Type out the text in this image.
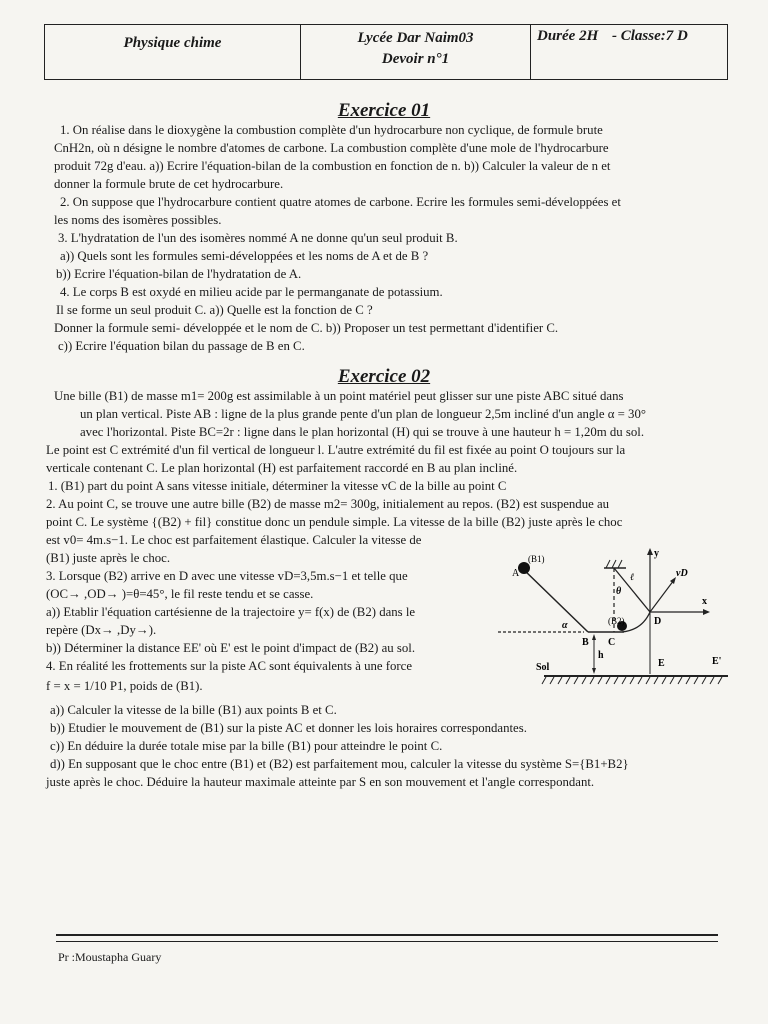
Physique chime	Lycée Dar Naim03
Devoir n°1
Durée 2H - Classe:7 D
Exercice 01
1. On réalise dans le dioxygène la combustion complète d'un hydrocarbure non cyclique, de formule brute
CnH2n, où n désigne le nombre d'atomes de carbone. La combustion complète d'une mole de l'hydrocarbure
produit 72g d'eau. a)) Ecrire l'équation-bilan de la combustion en fonction de n. b)) Calculer la valeur de n et
donner la formule brute de cet hydrocarbure.
2. On suppose que l'hydrocarbure contient quatre atomes de carbone. Ecrire les formules semi-développées et
les noms des isomères possibles.
3. L'hydratation de l'un des isomères nommé A ne donne qu'un seul produit B.
a)) Quels sont les formules semi-développées et les noms de A et de B ?
b)) Ecrire l'équation-bilan de l'hydratation de A.
4. Le corps B est oxydé en milieu acide par le permanganate de potassium.
Il se forme un seul produit C. a)) Quelle est la fonction de C ?
Donner la formule semi- développée et le nom de C. b)) Proposer un test permettant d'identifier C.
c)) Ecrire l'équation bilan du passage de B en C.
Exercice 02
Une bille (B1) de masse m1= 200g est assimilable à un point matériel peut glisser sur une piste ABC situé dans
un plan vertical. Piste AB : ligne de la plus grande pente d'un plan de longueur 2,5m incliné d'un angle α = 30°
avec l'horizontal. Piste BC=2r : ligne dans le plan horizontal (H) qui se trouve à une hauteur h = 1,20m du sol.
Le point est C extrémité d'un fil vertical de longueur l. L'autre extrémité du fil est fixée au point O toujours sur la
verticale contenant C. Le plan horizontal (H) est parfaitement raccordé en B au plan incliné.
1. (B1) part du point A sans vitesse initiale, déterminer la vitesse vC de la bille au point C
2. Au point C, se trouve une autre bille (B2) de masse m2= 300g, initialement au repos. (B2) est suspendue au
point C. Le système {(B2) + fil} constitue donc un pendule simple. La vitesse de la bille (B2) juste après le choc
est v0= 4m.s−1. Le choc est parfaitement élastique. Calculer la vitesse de
(B1) juste après le choc.
3. Lorsque (B2) arrive en D avec une vitesse vD=3,5m.s−1 et telle que
(OC→ ,OD→ )=θ=45°, le fil reste tendu et se casse.
a)) Etablir l'équation cartésienne de la trajectoire y= f(x) de (B2) dans le
repère (Dx→ ,Dy→).
b)) Déterminer la distance EE' où E' est le point d'impact de (B2) au sol.
4. En réalité les frottements sur la piste AC sont équivalents à une force
f = x = 1/10 P1, poids de (B1).
a)) Calculer la vitesse de la bille (B1) aux points B et C.
b)) Etudier le mouvement de (B1) sur la piste AC et donner les lois horaires correspondantes.
c)) En déduire la durée totale mise par la bille (B1) pour atteindre le point C.
d)) En supposant que le choc entre (B1) et (B2) est parfaitement mou, calculer la vitesse du système S={B1+B2}
juste après le choc. Déduire la hauteur maximale atteinte par S en son mouvement et l'angle correspondant.
A
(B1)
(B2)
B C
D
E	E'
h
α
θ
ℓ
y
x
vD
Sol
Pr :Moustapha Guary
